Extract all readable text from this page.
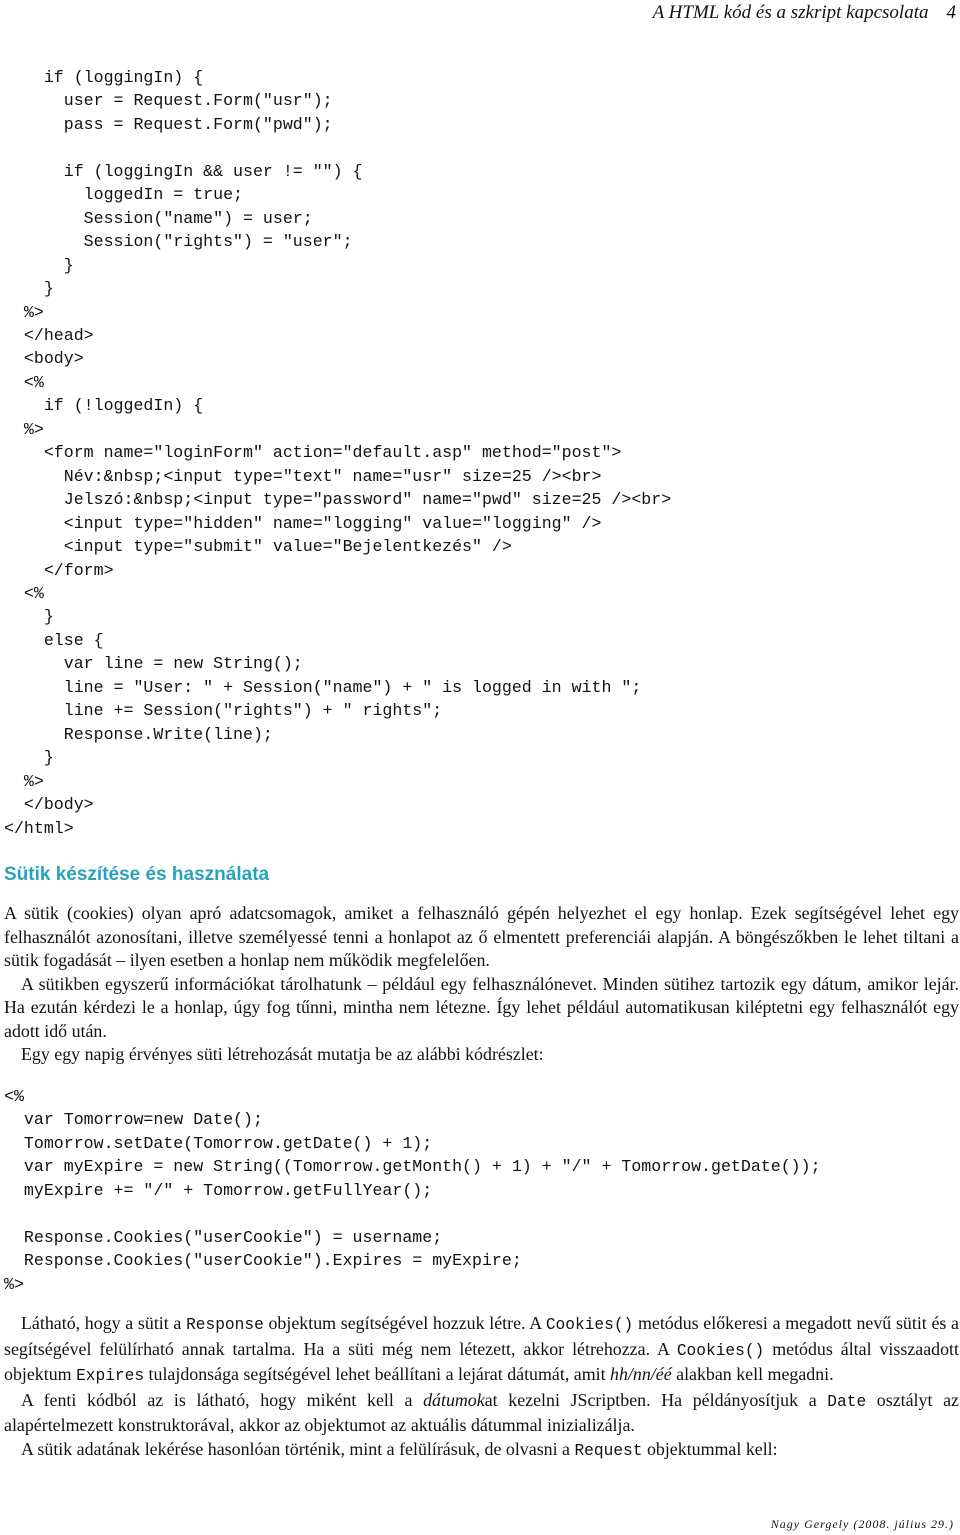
A HTML kód és a szkript kapcsolata 4
if (loggingIn) {
user = Request.Form("usr");
pass = Request.Form("pwd");

if (loggingIn && user != "") {
loggedIn = true;
Session("name") = user;
Session("rights") = "user";
}
}
%>
</head>
<body>
<%
if (!loggedIn) {
%>
<form name="loginForm" action="default.asp" method="post">
Név:&nbsp;<input type="text" name="usr" size=25 /><br>
Jelszó:&nbsp;<input type="password" name="pwd" size=25 /><br>
<input type="hidden" name="logging" value="logging" />
<input type="submit" value="Bejelentkezés" />
</form>
<%
}
else {
var line = new String();
line = "User: " + Session("name") + " is logged in with ";
line += Session("rights") + " rights";
Response.Write(line);
}
%>
</body>
</html>
Sütik készítése és használata

A sütik (cookies) olyan apró adatcsomagok, amiket a felhasználó gépén helyezhet el egy honlap. Ezek segítségével lehet egy felhasználót azonosítani, illetve személyessé tenni a honlapot az ő elmentett preferenciái alapján. A böngészőkben le lehet tiltani a sütik fogadását – ilyen esetben a honlap nem működik megfelelően.

A sütikben egyszerű információkat tárolhatunk – például egy felhasználónevet. Minden sütihez tartozik egy dátum, amikor lejár. Ha ezután kérdezi le a honlap, úgy fog tűnni, mintha nem létezne. Így lehet például automatikusan kiléptetni egy felhasználót egy adott idő után.

Egy egy napig érvényes süti létrehozását mutatja be az alábbi kódrészlet:

<%
var Tomorrow=new Date();
Tomorrow.setDate(Tomorrow.getDate() + 1);
var myExpire = new String((Tomorrow.getMonth() + 1) + "/" + Tomorrow.getDate());
myExpire += "/" + Tomorrow.getFullYear();

Response.Cookies("userCookie") = username;
Response.Cookies("userCookie").Expires = myExpire;
%>

Látható, hogy a sütit a Response objektum segítségével hozzuk létre. A Cookies() metódus előkeresi a megadott nevű sütit és a segítségével felülírható annak tartalma. Ha a süti még nem létezett, akkor létrehozza. A Cookies() metódus által visszaadott objektum Expires tulajdonsága segítségével lehet beállítani a lejárat dátumát, amit hh/nn/éé alakban kell megadni.

A fenti kódból az is látható, hogy miként kell a dátumokat kezelni JScriptben. Ha példányosítjuk a Date osztályt az alapértelmezett konstruktorával, akkor az objektumot az aktuális dátummal inizializálja.

A sütik adatának lekérése hasonlóan történik, mint a felülírásuk, de olvasni a Request objektummal kell:

Nagy Gergely (2008. július 29.)
